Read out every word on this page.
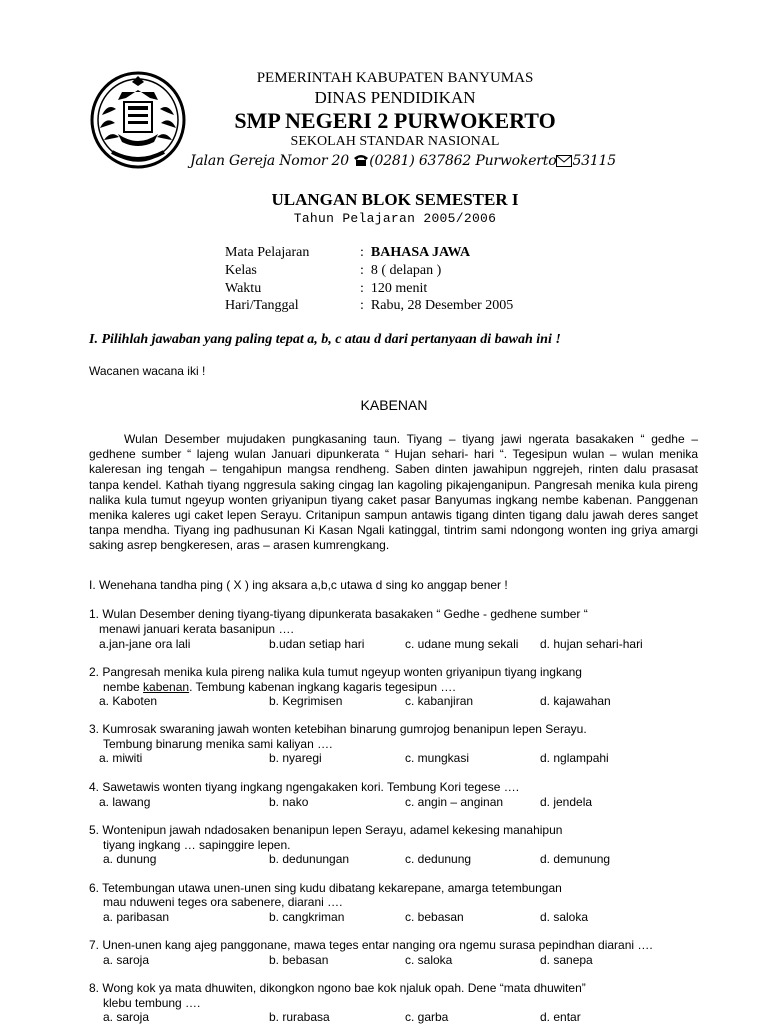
PEMERINTAH KABUPATEN BANYUMAS
DINAS PENDIDIKAN
SMP NEGERI 2 PURWOKERTO
SEKOLAH STANDAR NASIONAL
Jalan Gereja Nomor 20 (0281) 637862 Purwokerto 53115
ULANGAN BLOK SEMESTER I
Tahun Pelajaran 2005/2006
Mata Pelajaran	: BAHASA JAWA
Kelas	: 8 ( delapan )
Waktu	: 120 menit
Hari/Tanggal	: Rabu, 28 Desember 2005
I. Pilihlah jawaban yang paling tepat a, b, c atau d dari pertanyaan di bawah ini !
Wacanen wacana iki !
KABENAN

Wulan Desember mujudaken pungkasaning taun. Tiyang – tiyang jawi ngerata basakaken “ gedhe – gedhene sumber “ lajeng wulan Januari dipunkerata “ Hujan sehari- hari “. Tegesipun wulan – wulan menika kaleresan ing tengah – tengahipun mangsa rendheng. Saben dinten jawahipun nggrejeh, rinten dalu prasasat tanpa kendel. Kathah tiyang nggresula saking cingag lan kagoling pikajenganipun. Pangresah menika kula pireng nalika kula tumut ngeyup wonten griyanipun tiyang caket pasar Banyumas ingkang nembe kabenan. Panggenan menika kaleres ugi caket lepen Serayu. Critanipun sampun antawis tigang dinten tigang dalu jawah deres sanget tanpa mendha. Tiyang ing padhusunan Ki Kasan Ngali katinggal, tintrim sami ndongong wonten ing griya amargi saking asrep bengkeresen, aras – arasen kumrengkang.

I. Wenehana tandha ping ( X ) ing aksara a,b,c utawa d sing ko anggap bener !
1. Wulan Desember dening tiyang-tiyang dipunkerata basakaken “ Gedhe - gedhene sumber “
menawi januari kerata basanipun ….
a.jan-jane ora lali	b.udan setiap hari	c. udane mung sekali d. hujan sehari-hari
2. Pangresah menika kula pireng nalika kula tumut ngeyup wonten griyanipun tiyang ingkang
nembe kabenan. Tembung kabenan ingkang kagaris tegesipun ….
a. Kaboten	b. Kegrimisen	c. kabanjiran	d. kajawahan
3. Kumrosak swaraning jawah wonten ketebihan binarung gumrojog benanipun lepen Serayu.
Tembung binarung menika sami kaliyan ….
a. miwiti	b. nyaregi	c. mungkasi	d. nglampahi
4. Sawetawis wonten tiyang ingkang ngengakaken kori. Tembung Kori tegese ….
a. lawang	b. nako	c. angin – anginan	d. jendela
5. Wontenipun jawah ndadosaken benanipun lepen Serayu, adamel kekesing manahipun
tiyang ingkang … sapinggire lepen.
a. dunung	b. dedunungan	c. dedunung	d. demunung
6. Tetembungan utawa unen-unen sing kudu dibatang kekarepane, amarga tetembungan
mau nduweni teges ora sabenere, diarani ….
a. paribasan	b. cangkriman	c. bebasan	d. saloka
7. Unen-unen kang ajeg panggonane, mawa teges entar nanging ora ngemu surasa pepindhan diarani ….
a. saroja	b. bebasan	c. saloka	d. sanepa
8. Wong kok ya mata dhuwiten, dikongkon ngono bae kok njaluk opah. Dene “mata dhuwiten”
klebu tembung ….
a. saroja	b. rurabasa	c. garba	d. entar
